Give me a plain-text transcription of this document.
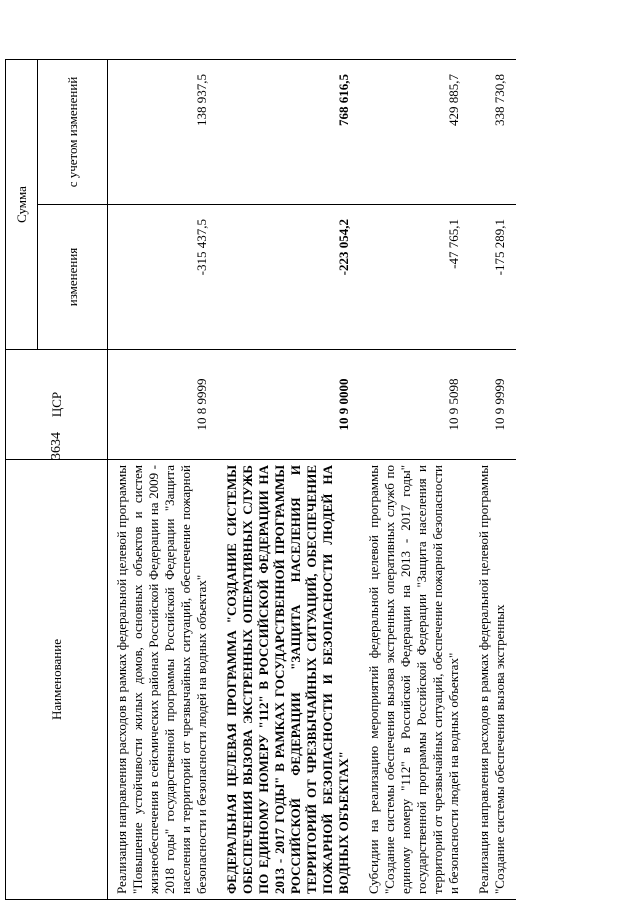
3634
Наименование	ЦСР	Сумма	
		изменения	с учетом изменений
Реализация направления расходов в рамках федеральной целевой программы "Повышение устойчивости жилых домов, основных объектов и систем жизнеобеспечения в сейсмических районах Российской Федерации на 2009 - 2018 годы" государственной программы Российской Федерации "Защита населения и территорий от чрезвычайных ситуаций, обеспечение пожарной безопасности и безопасности людей на водных объектах"	10 8 9999	-315 437,5	138 937,5
ФЕДЕРАЛЬНАЯ ЦЕЛЕВАЯ ПРОГРАММА "СОЗДАНИЕ СИСТЕМЫ ОБЕСПЕЧЕНИЯ ВЫЗОВА ЭКСТРЕННЫХ ОПЕРАТИВНЫХ СЛУЖБ ПО ЕДИНОМУ НОМЕРУ "112" В РОССИЙСКОЙ ФЕДЕРАЦИИ НА 2013 - 2017 ГОДЫ" В РАМКАХ ГОСУДАРСТВЕННОЙ ПРОГРАММЫ РОССИЙСКОЙ ФЕДЕРАЦИИ "ЗАЩИТА НАСЕЛЕНИЯ И ТЕРРИТОРИЙ ОТ ЧРЕЗВЫЧАЙНЫХ СИТУАЦИЙ, ОБЕСПЕЧЕНИЕ ПОЖАРНОЙ БЕЗОПАСНОСТИ И БЕЗОПАСНОСТИ ЛЮДЕЙ НА ВОДНЫХ ОБЪЕКТАХ"	10 9 0000	-223 054,2	768 616,5
Субсидии на реализацию мероприятий федеральной целевой программы "Создание системы обеспечения вызова экстренных оперативных служб по единому номеру "112" в Российской Федерации на 2013 - 2017 годы" государственной программы Российской Федерации "Защита населения и территорий от чрезвычайных ситуаций, обеспечение пожарной безопасности и безопасности людей на водных объектах"	10 9 5098	-47 765,1	429 885,7
Реализация направления расходов в рамках федеральной целевой программы "Создание системы обеспечения вызова экстренных	10 9 9999	-175 289,1	338 730,8
